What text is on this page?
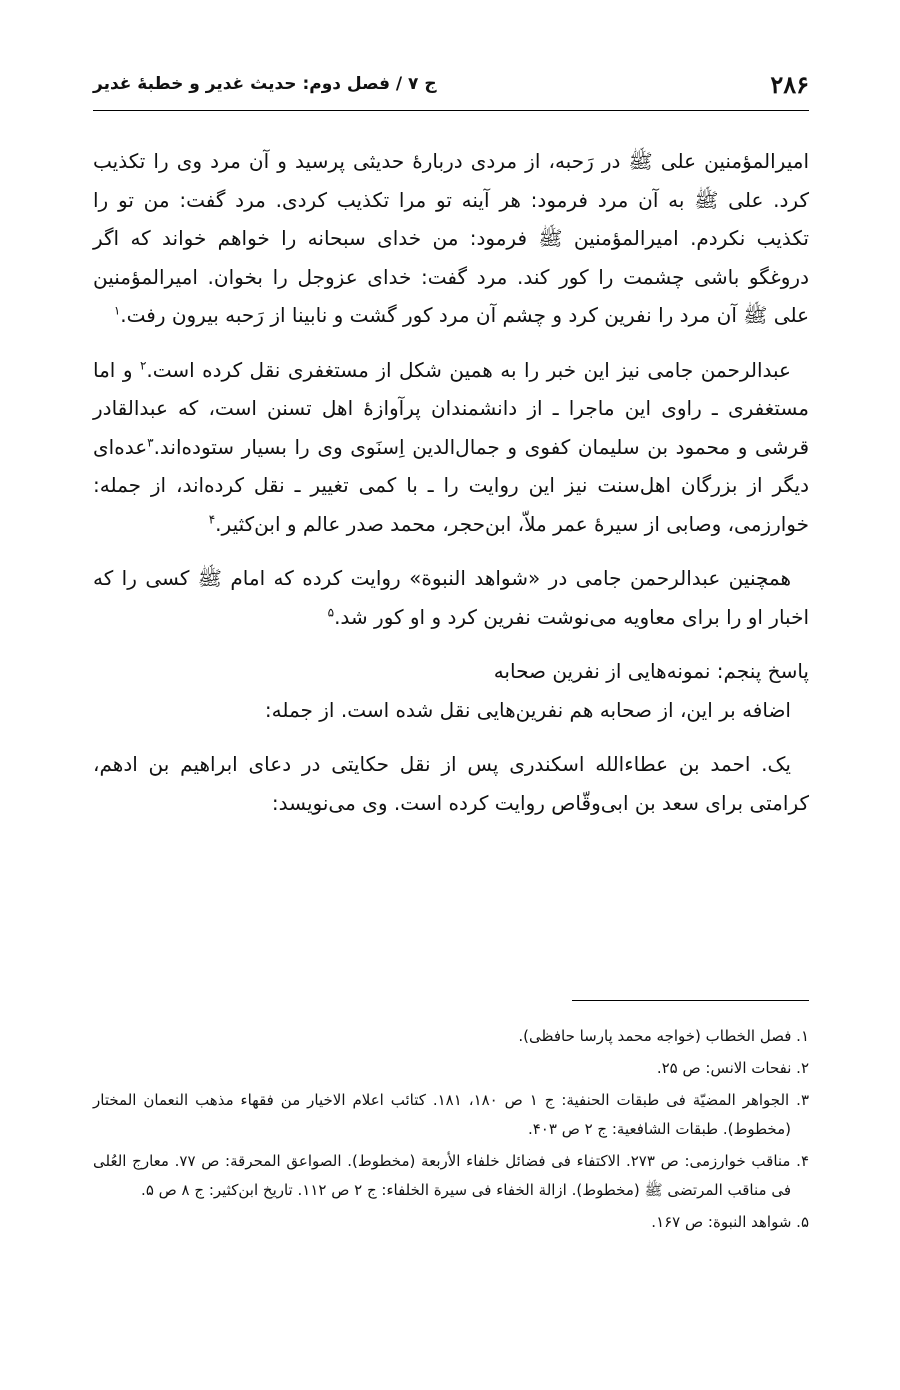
۲۸۶
ج ۷ / فصل دوم: حدیث غدیر و خطبهٔ غدیر

امیرالمؤمنین علی ﷺ در رَحبه، از مردی دربارهٔ حدیثی پرسید و آن مرد وی را تکذیب کرد. علی ﷺ به آن مرد فرمود: هر آینه تو مرا تکذیب کردی. مرد گفت: من تو را تکذیب نکردم. امیرالمؤمنین ﷺ فرمود: من خدای سبحانه را خواهم خواند که اگر دروغگو باشی چشمت را کور کند. مرد گفت: خدای عزوجل را بخوان. امیرالمؤمنین علی ﷺ آن مرد را نفرین کرد و چشم آن مرد کور گشت و نابینا از رَحبه بیرون رفت.$^۱$

عبدالرحمن جامی نیز این خبر را به همین شکل از مستغفری نقل کرده است.$^۲$ و اما مستغفری ـ راوی این ماجرا ـ از دانشمندان پرآوازهٔ اهل تسنن است، که عبدالقادر قرشی و محمود بن سلیمان کفوی و جمال‌الدین اِسنَوی وی را بسیار ستوده‌اند.$^۳$عده‌ای دیگر از بزرگان اهل‌سنت نیز این روایت را ـ با کمی تغییر ـ نقل کرده‌اند، از جمله: خوارزمی، وصابی از سیرهٔ عمر ملاّ، ابن‌حجر، محمد صدر عالم و ابن‌کثیر.$^۴$

همچنین عبدالرحمن جامی در «شواهد النبوة» روایت کرده که امام ﷺ کسی را که اخبار او را برای معاویه می‌نوشت نفرین کرد و او کور شد.$^۵$

پاسخ پنجم: نمونه‌هایی از نفرین صحابه

اضافه بر این، از صحابه هم نفرین‌هایی نقل شده است. از جمله:

یک. احمد بن عطاءالله اسکندری پس از نقل حکایتی در دعای ابراهیم بن ادهم، کرامتی برای سعد بن ابی‌وقّاص روایت کرده است. وی می‌نویسد:

۱. فصل الخطاب (خواجه محمد پارسا حافظی).

۲. نفحات الانس: ص ۲۵.

۳. الجواهر المضیّة فی طبقات الحنفیة: ج ۱ ص ۱۸۰، ۱۸۱. کتائب اعلام الاخیار من فقهاء مذهب النعمان المختار (مخطوط). طبقات الشافعیة: ج ۲ ص ۴۰۳.

۴. مناقب خوارزمی: ص ۲۷۳. الاکتفاء فی فضائل خلفاء الأربعة (مخطوط). الصواعق المحرقة: ص ۷۷. معارج العُلی فی مناقب المرتضی ﷺ (مخطوط). ازالة الخفاء فی سیرة الخلفاء: ج ۲ ص ۱۱۲. تاریخ ابن‌کثیر: ج ۸ ص ۵.

۵. شواهد النبوة: ص ۱۶۷.
